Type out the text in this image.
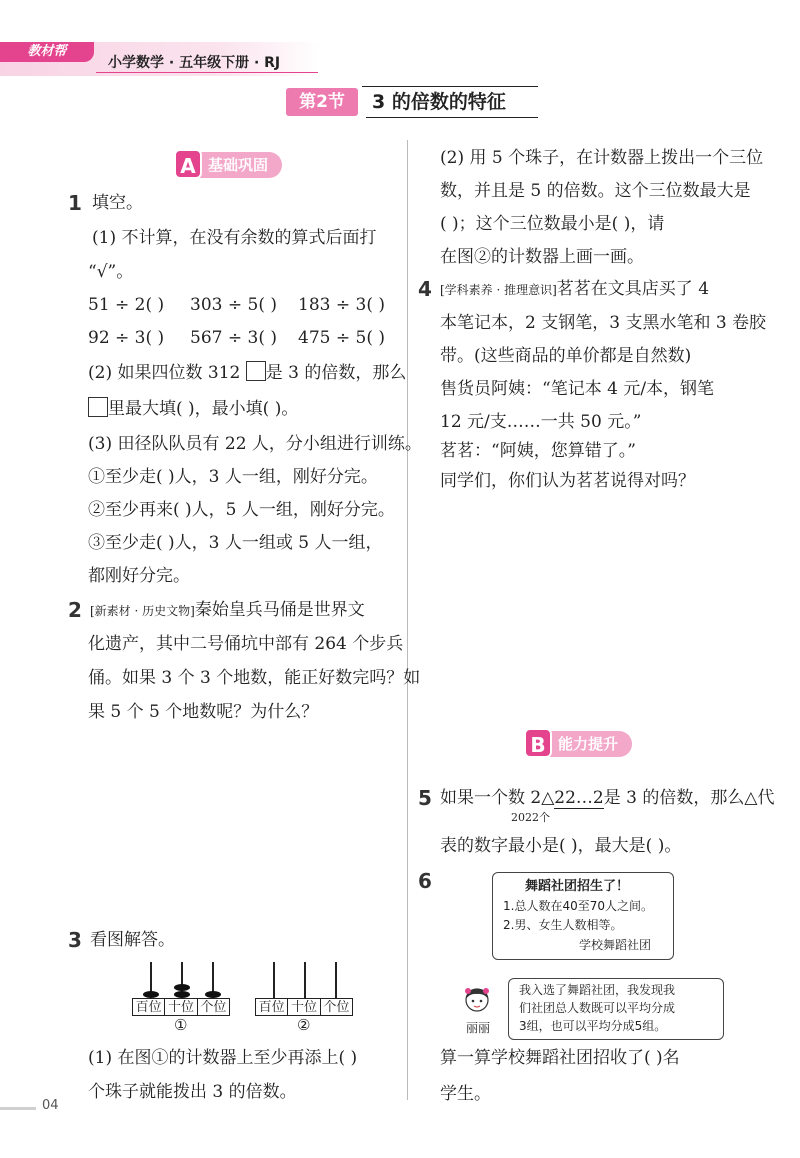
教材帮
小学数学 · 五年级下册 · RJ
第2节	3 的倍数的特征
A 基础巩固
1 填空。
(1) 不计算，在没有余数的算式后面打
“√”。
51 ÷ 2( ) 303 ÷ 5( ) 183 ÷ 3( )
92 ÷ 3( ) 567 ÷ 3( ) 475 ÷ 5( )
(2) 如果四位数 312 是 3 的倍数，那么
里最大填( )，最小填( )。
(3) 田径队队员有 22 人，分小组进行训练。
①至少走( )人，3 人一组，刚好分完。
②至少再来( )人，5 人一组，刚好分完。
③至少走( )人，3 人一组或 5 人一组，
都刚好分完。
2 [新素材 · 历史文物]秦始皇兵马俑是世界文
化遗产，其中二号俑坑中部有 264 个步兵
俑。如果 3 个 3 个地数，能正好数完吗？如
果 5 个 5 个地数呢？为什么？
3 看图解答。
百位 十位 个位
①
百位 十位 个位
②
(1) 在图①的计数器上至少再添上( )
个珠子就能拨出 3 的倍数。
(2) 用 5 个珠子，在计数器上拨出一个三位
数，并且是 5 的倍数。这个三位数最大是
( )；这个三位数最小是( )，请
在图②的计数器上画一画。
4 [学科素养 · 推理意识]茗茗在文具店买了 4
本笔记本，2 支钢笔，3 支黑水笔和 3 卷胶
带。(这些商品的单价都是自然数)
售货员阿姨：“笔记本 4 元/本，钢笔
12 元/支……一共 50 元。”
茗茗：“阿姨，您算错了。”
同学们，你们认为茗茗说得对吗？
B 能力提升
5 如果一个数 2△22…2是 3 的倍数，那么△代
2022个
表的数字最小是( )，最大是( )。
6	舞蹈社团招生了！
1.总人数在40至70人之间。
2.男、女生人数相等。
学校舞蹈社团
丽丽
我入选了舞蹈社团，我发现我
们社团总人数既可以平均分成
3组，也可以平均分成5组。
算一算学校舞蹈社团招收了( )名
学生。
04
